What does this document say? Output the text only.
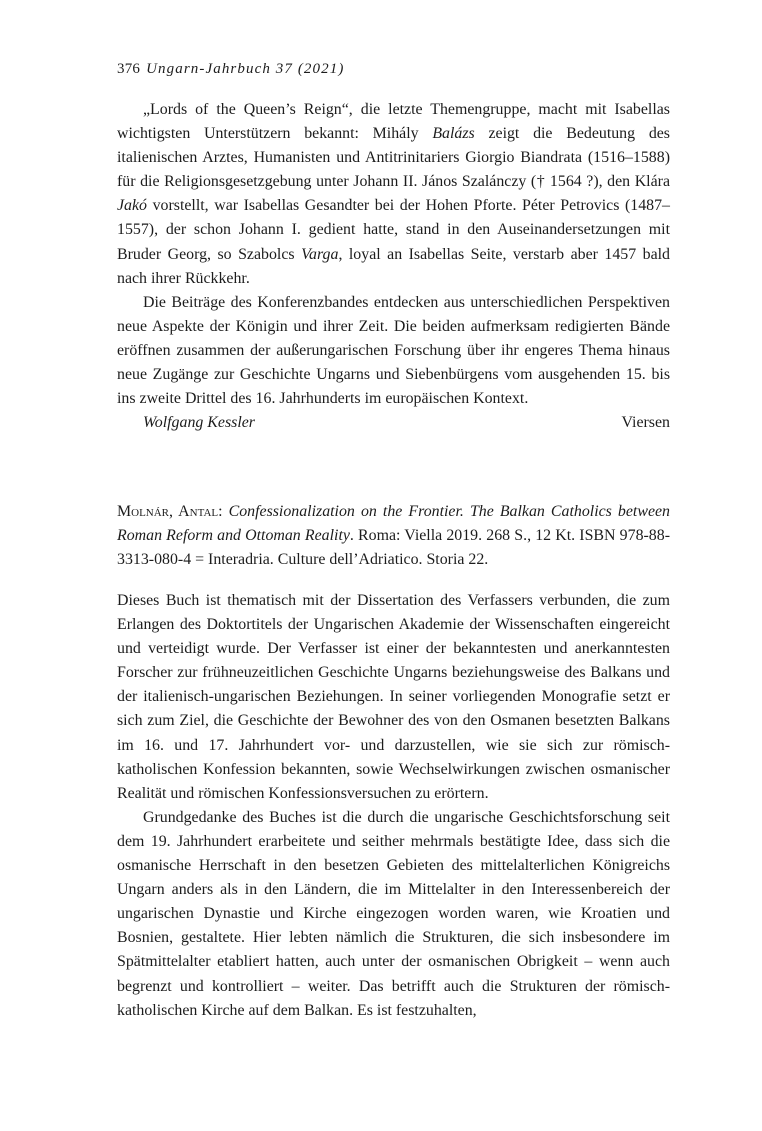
376 Ungarn-Jahrbuch 37 (2021)

„Lords of the Queen’s Reign“, die letzte Themengruppe, macht mit Isabellas wichtigsten Unterstützern bekannt: Mihály Balázs zeigt die Bedeutung des italienischen Arztes, Humanisten und Antitrinitariers Giorgio Biandrata (1516–1588) für die Religionsgesetzgebung unter Johann II. János Szalánczy († 1564 ?), den Klára Jakó vorstellt, war Isabellas Gesandter bei der Hohen Pforte. Péter Petrovics (1487–1557), der schon Johann I. gedient hatte, stand in den Auseinandersetzungen mit Bruder Georg, so Szabolcs Varga, loyal an Isabellas Seite, verstarb aber 1457 bald nach ihrer Rückkehr.

Die Beiträge des Konferenzbandes entdecken aus unterschiedlichen Perspektiven neue Aspekte der Königin und ihrer Zeit. Die beiden aufmerksam redigierten Bände eröffnen zusammen der außerungarischen Forschung über ihr engeres Thema hinaus neue Zugänge zur Geschichte Ungarns und Siebenbürgens vom ausgehenden 15. bis ins zweite Drittel des 16. Jahrhunderts im europäischen Kontext.

Wolfgang Kessler	Viersen

Molnár, Antal: Confessionalization on the Frontier. The Balkan Catholics between Roman Reform and Ottoman Reality. Roma: Viella 2019. 268 S., 12 Kt. ISBN 978-88-3313-080-4 = Interadria. Culture dell’Adriatico. Storia 22.

Dieses Buch ist thematisch mit der Dissertation des Verfassers verbunden, die zum Erlangen des Doktortitels der Ungarischen Akademie der Wissenschaften eingereicht und verteidigt wurde. Der Verfasser ist einer der bekanntesten und anerkanntesten Forscher zur frühneuzeitlichen Geschichte Ungarns beziehungsweise des Balkans und der italienisch-ungarischen Beziehungen. In seiner vorliegenden Monografie setzt er sich zum Ziel, die Geschichte der Bewohner des von den Osmanen besetzten Balkans im 16. und 17. Jahrhundert vor- und darzustellen, wie sie sich zur römisch-katholischen Konfession bekannten, sowie Wechselwirkungen zwischen osmanischer Realität und römischen Konfessionsversuchen zu erörtern.

Grundgedanke des Buches ist die durch die ungarische Geschichtsforschung seit dem 19. Jahrhundert erarbeitete und seither mehrmals bestätigte Idee, dass sich die osmanische Herrschaft in den besetzen Gebieten des mittelalterlichen Königreichs Ungarn anders als in den Ländern, die im Mittelalter in den Interessenbereich der ungarischen Dynastie und Kirche eingezogen worden waren, wie Kroatien und Bosnien, gestaltete. Hier lebten nämlich die Strukturen, die sich insbesondere im Spätmittelalter etabliert hatten, auch unter der osmanischen Obrigkeit – wenn auch begrenzt und kontrolliert – weiter. Das betrifft auch die Strukturen der römisch-katholischen Kirche auf dem Balkan. Es ist festzuhalten,
